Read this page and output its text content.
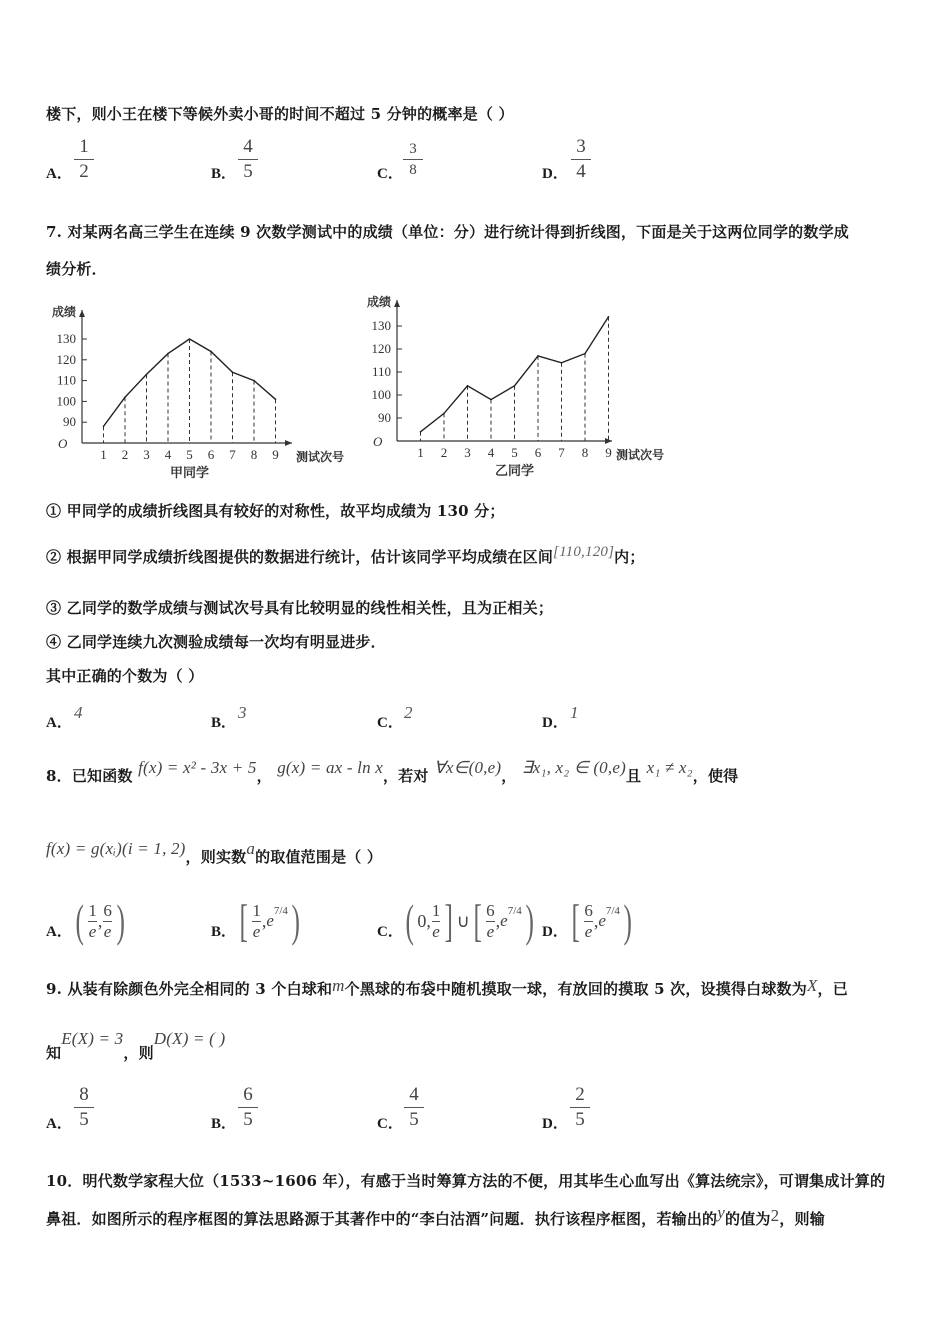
楼下，则小王在楼下等候外卖小哥的时间不超过 5 分钟的概率是（ ）
A．
1
2	B．
4
5	C．
3
8	D．
3
4
7. 对某两名高三学生在连续 9 次数学测试中的成绩（单位：分）进行统计得到折线图，下面是关于这两位同学的数学成
绩分析．
O
90
100
110
120
130
成绩
1 2 3 4 5 6 7 8 9 测试次号
甲同学
O
90
100
110
120
130
成绩
1 2 3 4 5 6 7 8 9 测试次号
乙同学
① 甲同学的成绩折线图具有较好的对称性，故平均成绩为 130 分；
② 根据甲同学成绩折线图提供的数据进行统计，估计该同学平均成绩在区间[110,120]内；
③ 乙同学的数学成绩与测试次号具有比较明显的线性相关性，且为正相关；
④ 乙同学连续九次测验成绩每一次均有明显进步．
其中正确的个数为（ ）
A．
4
B．
3
C．
2
D．
1
8．已知函数 f(x) = x² - 3x + 5， g(x) = ax - ln x，若对 ∀x∈(0,e)， ∃x₁, x₂ ∈ (0,e)且 x₁ ≠ x₂，使得
f(x) = g(xᵢ)(i = 1, 2)，则实数a的取值范围是（ ）
A． ( 1
e
,
6
e )	B． [ 1
e
, e 7/4 )	C． ( 0,
1
e ] ∪ [ 6
e
, e 7/4 ) D． [ 6
e
, e 7/4 )
9. 从装有除颜色外完全相同的 3 个白球和m个黑球的布袋中随机摸取一球，有放回的摸取 5 次，设摸得白球数为X，已
知E(X) = 3，则D(X) = ( )
A．
8
5	B．
6
5	C．
4
5	D．
2
5
10．明代数学家程大位（1533~1606 年），有感于当时筹算方法的不便，用其毕生心血写出《算法统宗》，可谓集成计算的
鼻祖．如图所示的程序框图的算法思路源于其著作中的“李白沽酒”问题．执行该程序框图，若输出的y的值为2，则输
